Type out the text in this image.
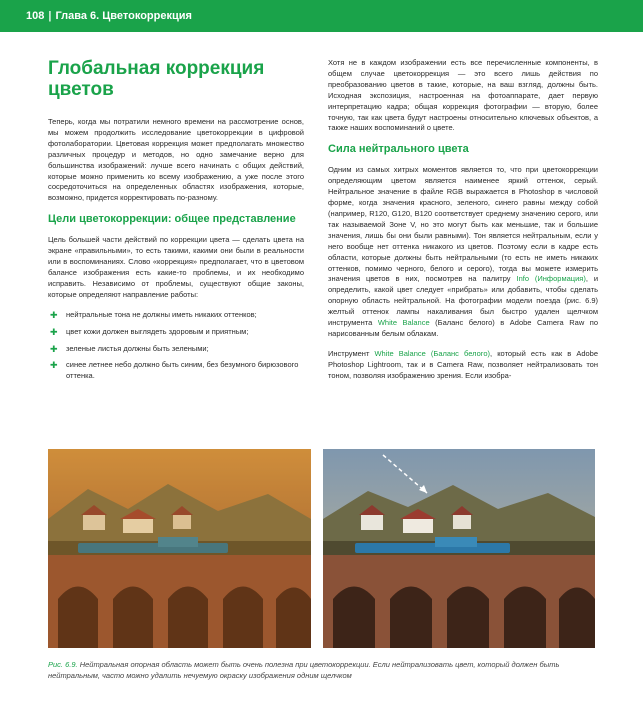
108 | Глава 6. Цветокоррекция
Глобальная коррекция цветов

Теперь, когда мы потратили немного времени на рассмотрение основ, мы можем продолжить исследование цветокоррекции в цифровой фотолаборатории. Цветовая коррекция может предполагать множество различных процедур и методов, но одно замечание верно для большинства изображений: лучше всего начинать с общих действий, которые можно применить ко всему изображению, а уже после этого сосредоточиться на определенных областях изображения, которые, возможно, придется корректировать по-разному.

Цели цветокоррекции: общее представление

Цель большей части действий по коррекции цвета — сделать цвета на экране «правильными», то есть такими, какими они были в реальности или в воспоминаниях. Слово «коррекция» предполагает, что в цветовом балансе изображения есть какие-то проблемы, и их необходимо исправить. Независимо от проблемы, существуют общие законы, которые определяют направление работы:

✚ нейтральные тона не должны иметь никаких оттенков;
✚ цвет кожи должен выглядеть здоровым и приятным;
✚ зеленые листья должны быть зелеными;
✚ синее летнее небо должно быть синим, без безумного бирюзового оттенка.

Хотя не в каждом изображении есть все перечисленные компоненты, в общем случае цветокоррекция — это всего лишь действия по преобразованию цветов в такие, которые, на ваш взгляд, должны быть. Исходная экспозиция, настроенная на фотоаппарате, дает первую интерпретацию кадра; общая коррекция фотографии — вторую, более точную, так как цвета будут настроены относительно ключевых объектов, а также наших воспоминаний о цвете.

Сила нейтрального цвета

Одним из самых хитрых моментов является то, что при цветокоррекции определяющим цветом является наименее яркий оттенок, серый. Нейтральное значение в файле RGB выражается в Photoshop в числовой форме, когда значения красного, зеленого, синего равны между собой (например, R120, G120, B120 соответствует среднему значению серого, или так называемой Зоне V, но это могут быть как меньшие, так и большие значения, лишь бы они были равными). Тон является нейтральным, если у него вообще нет оттенка никакого из цветов. Поэтому если в кадре есть области, которые должны быть нейтральными (то есть не иметь никаких оттенков, помимо черного, белого и серого), тогда вы можете измерить значения цветов в них, посмотрев на палитру Info (Информация), и определить, какой цвет следует «прибрать» или добавить, чтобы сделать опорную область нейтральной. На фотографии модели поезда (рис. 6.9) желтый оттенок лампы накаливания был быстро удален щелчком инструмента White Balance (Баланс белого) в Adobe Camera Raw по нарисованным белым облакам.

Инструмент White Balance (Баланс белого), который есть как в Adobe Photoshop Lightroom, так и в Camera Raw, позволяет нейтрализовать тон тоном, позволяя изображению зрения. Если изобра-

Рис. 6.9. Нейтральная опорная область может быть очень полезна при цветокоррекции. Если нейтрализовать цвет, который должен быть нейтральным, часто можно удалить нечуемую окраску изображения одним щелчком
